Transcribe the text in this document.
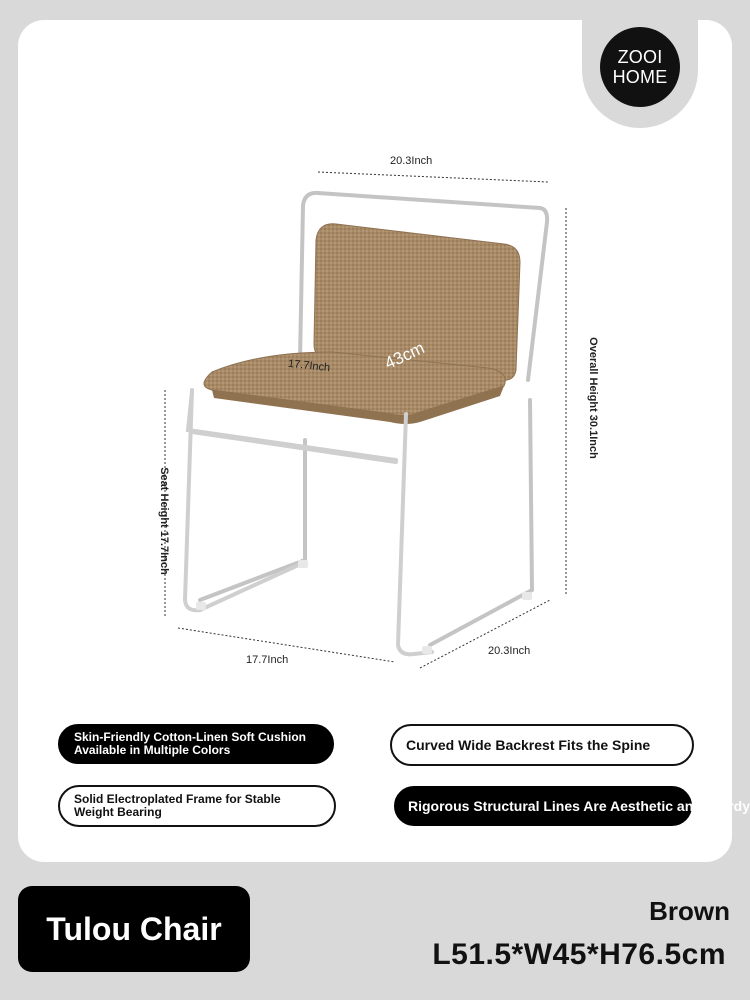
ZOOI
HOME
20.3Inch
17.7Inch	43cm	Overall Height 30.1Inch
Seat Height 17.7Inch
17.7Inch
20.3Inch
Skin-Friendly Cotton-Linen Soft Cushion
Available in Multiple Colors	Curved Wide Backrest Fits the Spine
Solid Electroplated Frame for Stable
Weight Bearing	Rigorous Structural Lines Are Aesthetic and Sturdy
Tulou Chair	Brown
L51.5*W45*H76.5cm
